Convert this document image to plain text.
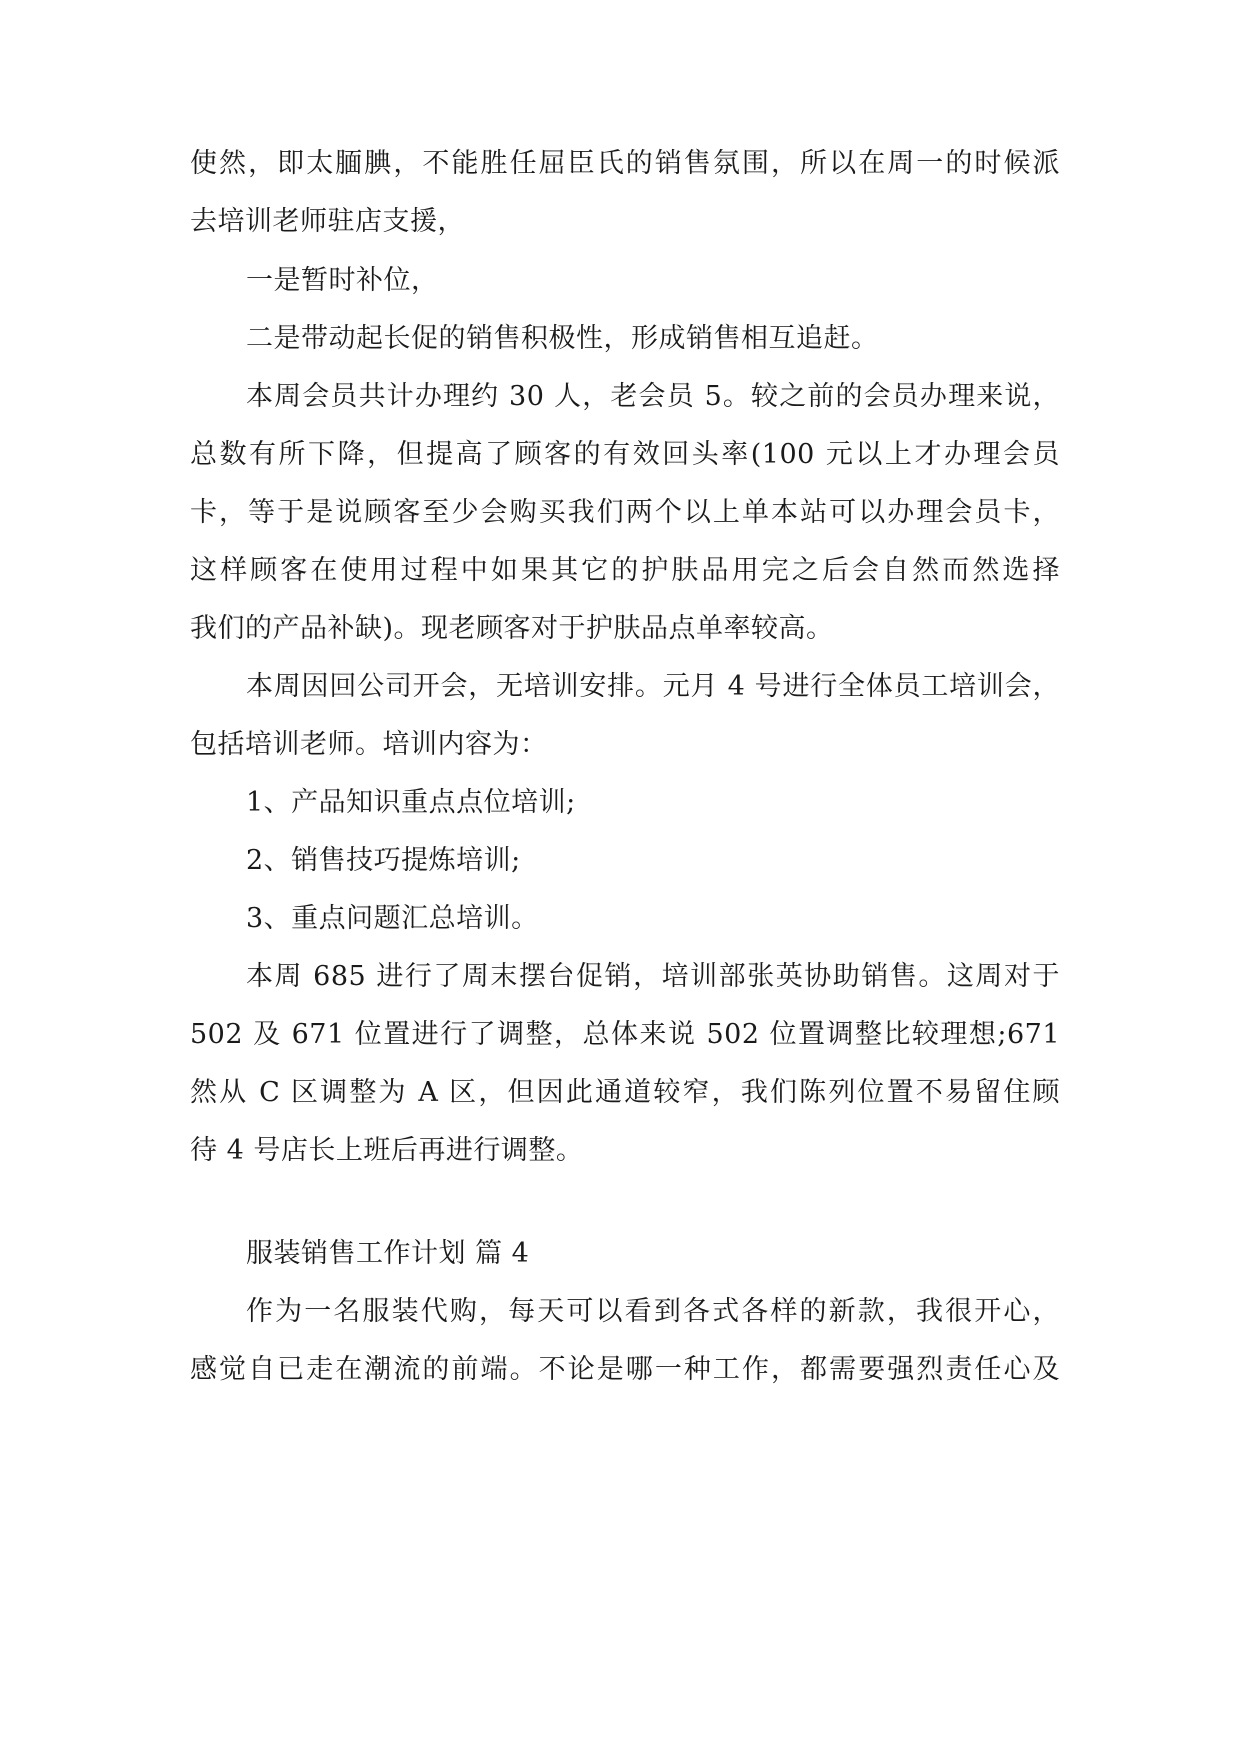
使然，即太腼腆，不能胜任屈臣氏的销售氛围，所以在周一的时候派
去培训老师驻店支援，
一是暂时补位，
二是带动起长促的销售积极性，形成销售相互追赶。
本周会员共计办理约 30 人，老会员 5。较之前的会员办理来说，
总数有所下降，但提高了顾客的有效回头率(100 元以上才办理会员
卡，等于是说顾客至少会购买我们两个以上单本站可以办理会员卡，
这样顾客在使用过程中如果其它的护肤品用完之后会自然而然选择
我们的产品补缺)。现老顾客对于护肤品点单率较高。
本周因回公司开会，无培训安排。元月 4 号进行全体员工培训会，
包括培训老师。培训内容为：
1、产品知识重点点位培训;
2、销售技巧提炼培训;
3、重点问题汇总培训。
本周 685 进行了周末摆台促销，培训部张英协助销售。这周对于
502 及 671 位置进行了调整，总体来说 502 位置调整比较理想;671
然从 C 区调整为 A 区，但因此通道较窄，我们陈列位置不易留住顾
待 4 号店长上班后再进行调整。
服装销售工作计划 篇 4
作为一名服装代购，每天可以看到各式各样的新款，我很开心，
感觉自已走在潮流的前端。不论是哪一种工作，都需要强烈责任心及
